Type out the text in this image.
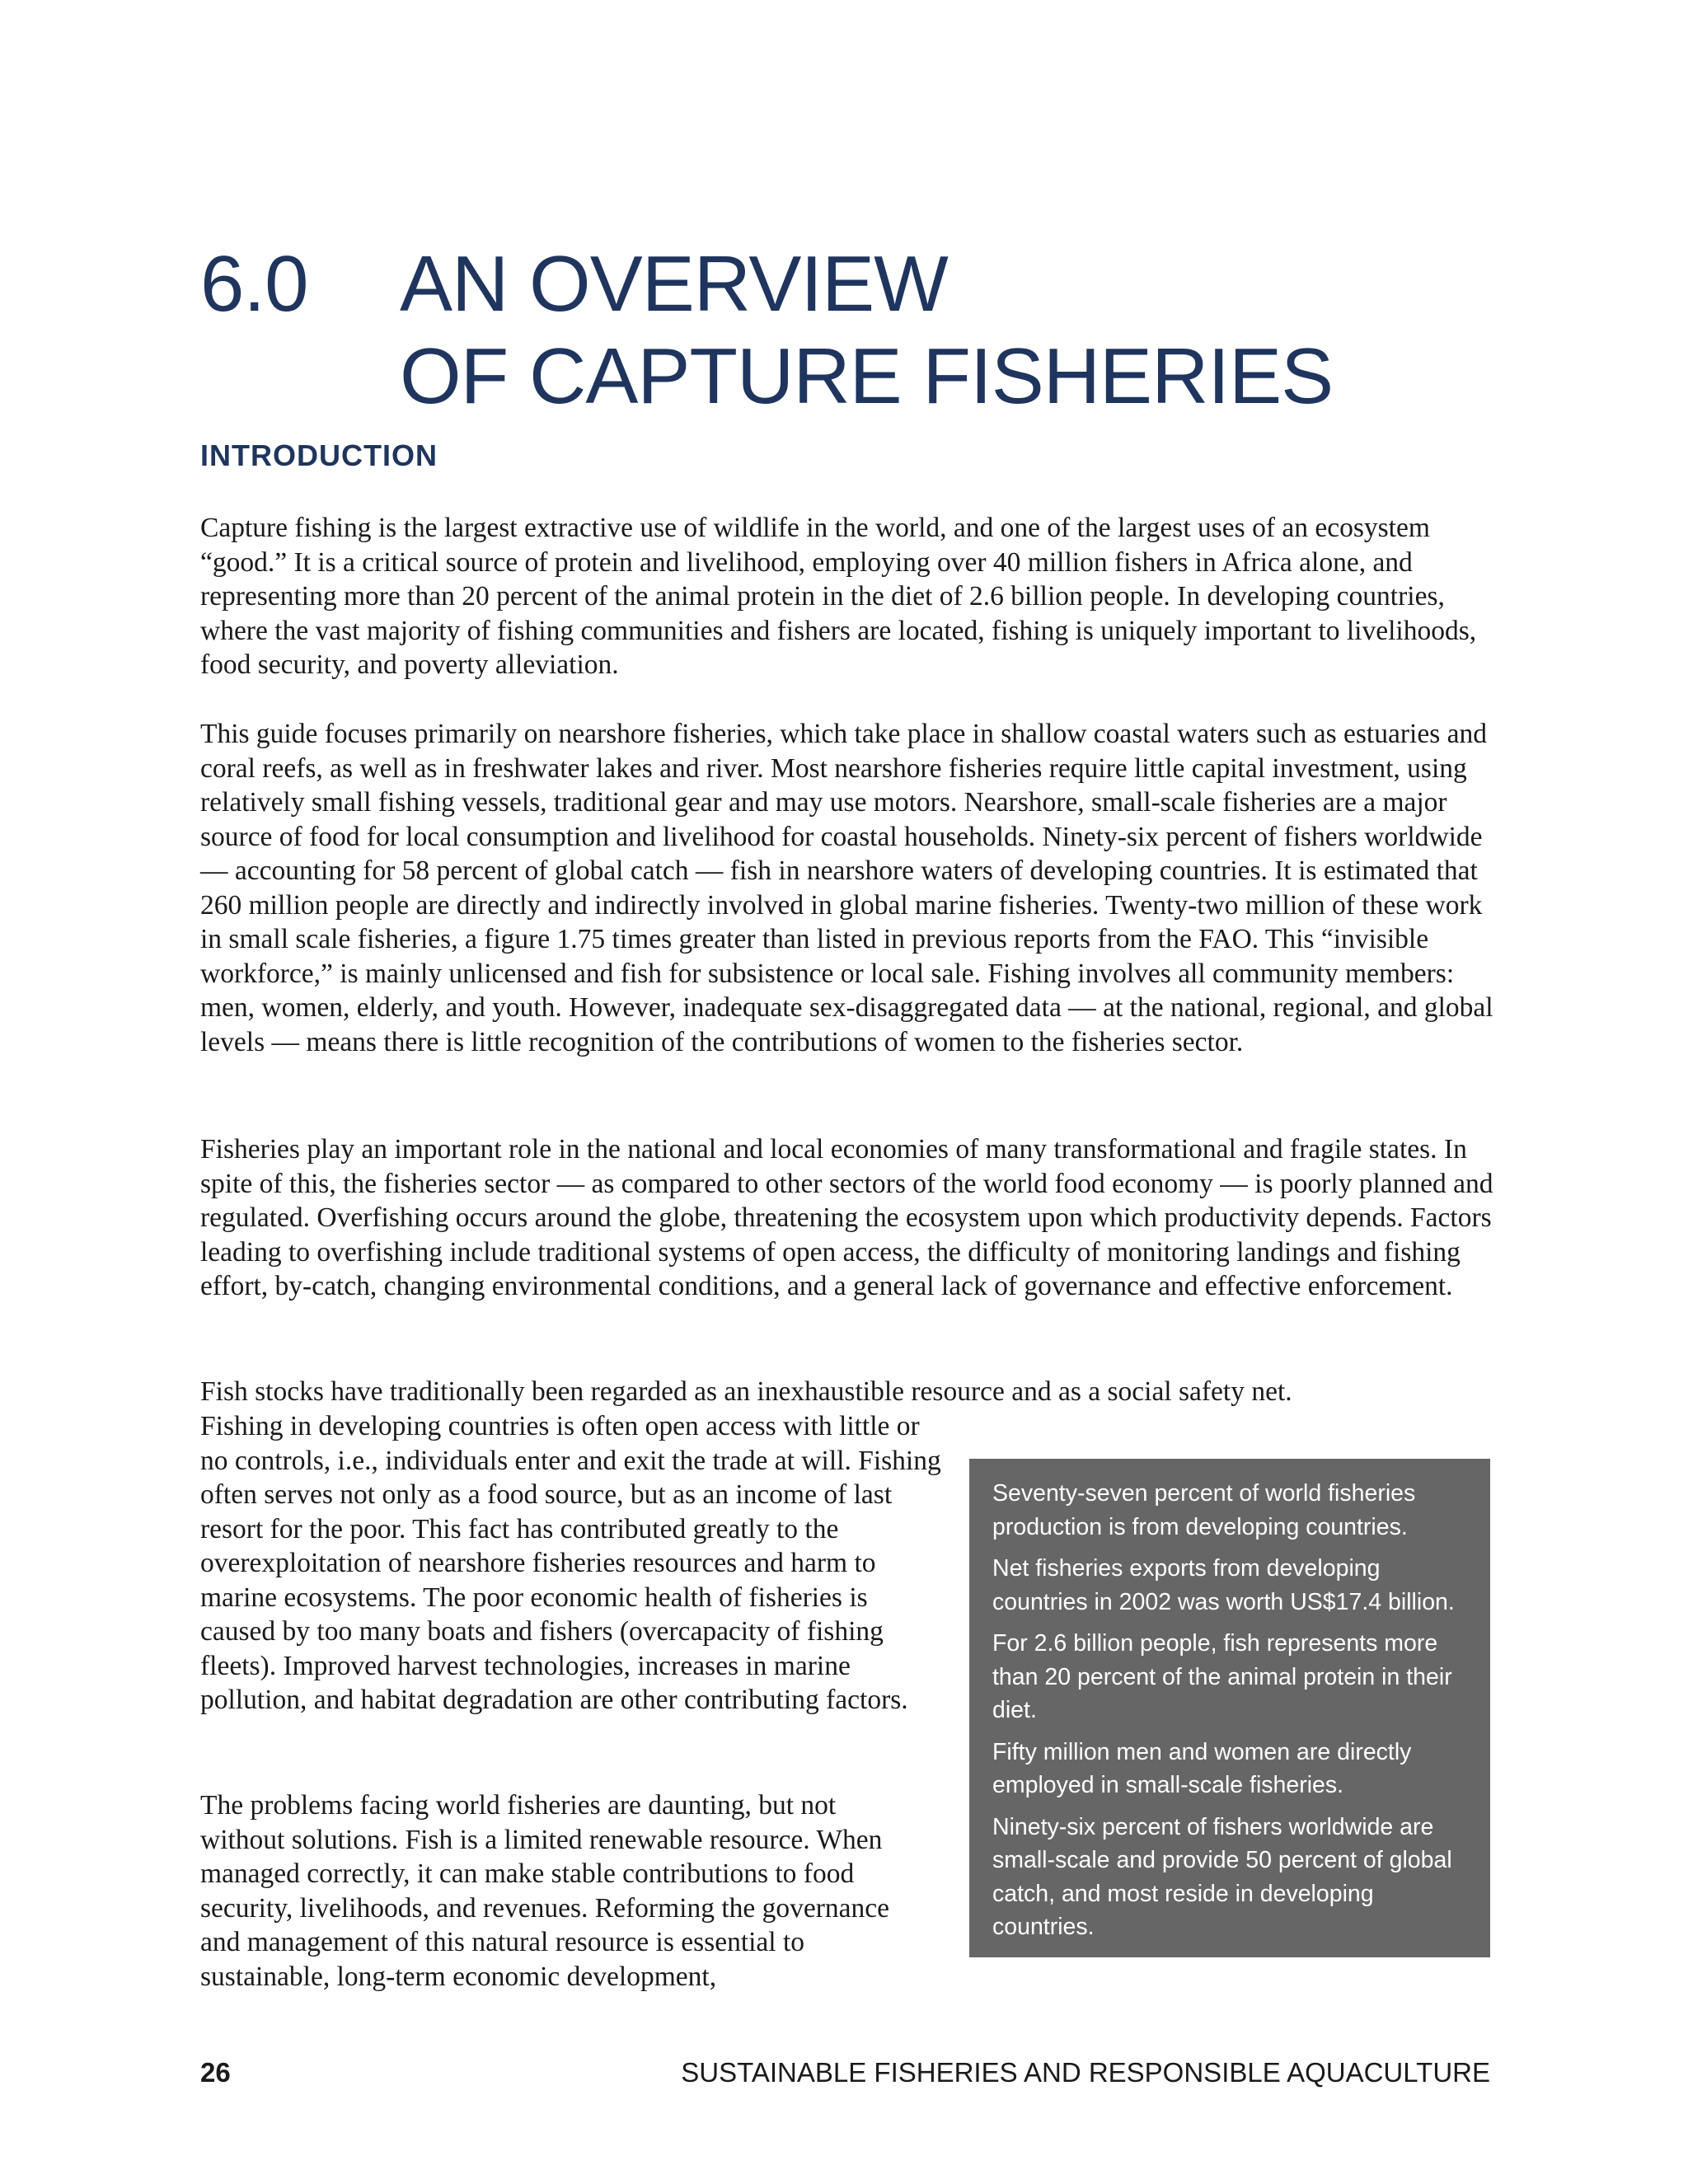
6.0	AN OVERVIEW
OF CAPTURE FISHERIES
INTRODUCTION

Capture fishing is the largest extractive use of wildlife in the world, and one of the largest uses of an ecosystem “good.” It is a critical source of protein and livelihood, employing over 40 million fishers in Africa alone, and representing more than 20 percent of the animal protein in the diet of 2.6 billion people. In developing countries, where the vast majority of fishing communities and fishers are located, fishing is uniquely important to livelihoods, food security, and poverty alleviation.

This guide focuses primarily on nearshore fisheries, which take place in shallow coastal waters such as estuaries and coral reefs, as well as in freshwater lakes and river. Most nearshore fisheries require little capital investment, using relatively small fishing vessels, traditional gear and may use motors. Nearshore, small-scale fisheries are a major source of food for local consumption and livelihood for coastal households. Ninety-six percent of fishers worldwide — accounting for 58 percent of global catch — fish in nearshore waters of developing countries. It is estimated that 260 million people are directly and indirectly involved in global marine fisheries. Twenty-two million of these work in small scale fisheries, a figure 1.75 times greater than listed in previous reports from the FAO. This “invisible workforce,” is mainly unlicensed and fish for subsistence or local sale. Fishing involves all community members: men, women, elderly, and youth. However, inadequate sex-disaggregated data — at the national, regional, and global levels — means there is little recognition of the contributions of women to the fisheries sector.

Fisheries play an important role in the national and local economies of many transformational and fragile states. In spite of this, the fisheries sector — as compared to other sectors of the world food economy — is poorly planned and regulated. Overfishing occurs around the globe, threatening the ecosystem upon which productivity depends. Factors leading to overfishing include traditional systems of open access, the difficulty of monitoring landings and fishing effort, by-catch, changing environmental conditions, and a general lack of governance and effective enforcement.

Fish stocks have traditionally been regarded as an inexhaustible resource and as a social safety net.

Fishing in developing countries is often open access with little or no controls, i.e., individuals enter and exit the trade at will. Fishing often serves not only as a food source, but as an income of last resort for the poor. This fact has contributed greatly to the overexploitation of nearshore fisheries resources and harm to marine ecosystems. The poor economic health of fisheries is caused by too many boats and fishers (overcapacity of fishing fleets). Improved harvest technologies, increases in marine pollution, and habitat degradation are other contributing factors.

The problems facing world fisheries are daunting, but not without solutions. Fish is a limited renewable resource. When managed correctly, it can make stable contributions to food security, livelihoods, and revenues. Reforming the governance and management of this natural resource is essential to sustainable, long-term economic development,

Seventy-seven percent of world fisheries production is from developing countries.

Net fisheries exports from developing countries in 2002 was worth US$17.4 billion.

For 2.6 billion people, fish represents more than 20 percent of the animal protein in their diet.

Fifty million men and women are directly employed in small-scale fisheries.

Ninety-six percent of fishers worldwide are small-scale and provide 50 percent of global catch, and most reside in developing countries.

26	SUSTAINABLE FISHERIES AND RESPONSIBLE AQUACULTURE
